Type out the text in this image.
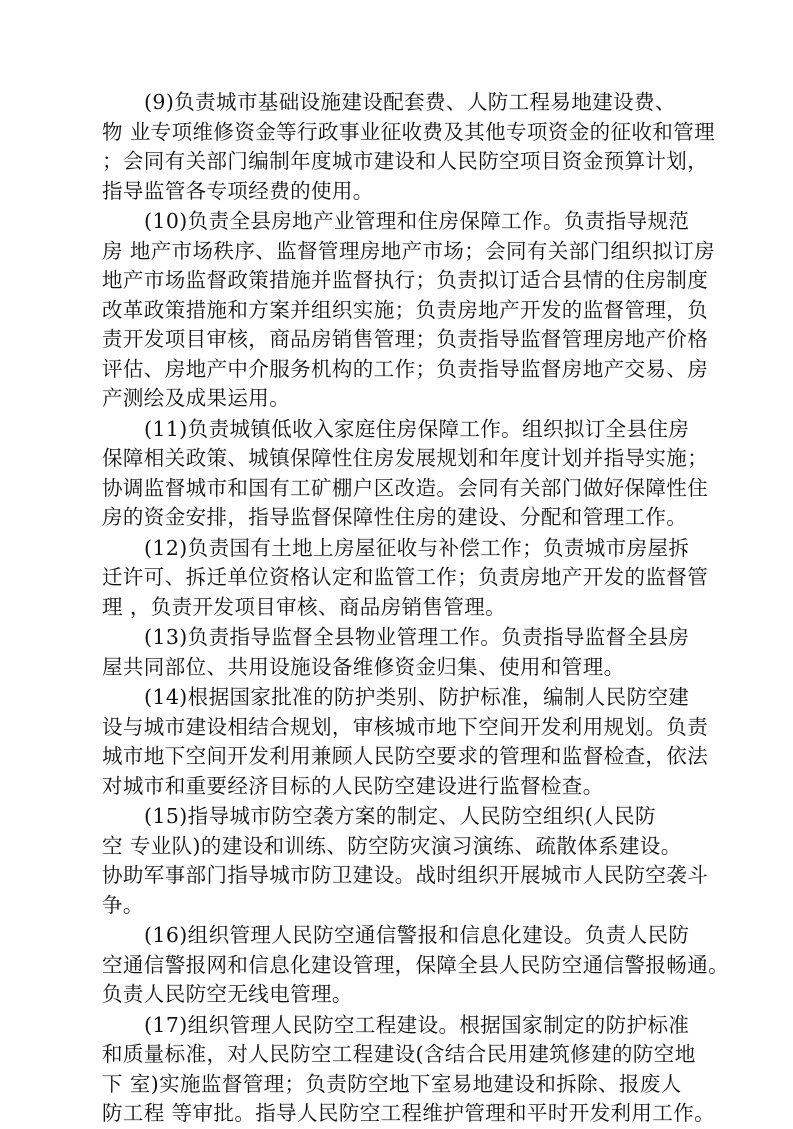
(9)负责城市基础设施建设配套费、人防工程易地建设费、
物 业专项维修资金等行政事业征收费及其他专项资金的征收和管理
；会同有关部门编制年度城市建设和人民防空项目资金预算计划，
指导监管各专项经费的使用。

(10)负责全县房地产业管理和住房保障工作。负责指导规范
房 地产市场秩序、监督管理房地产市场；会同有关部门组织拟订房
地产市场监督政策措施并监督执行；负责拟订适合县情的住房制度
改革政策措施和方案并组织实施；负责房地产开发的监督管理，负
责开发项目审核，商品房销售管理；负责指导监督管理房地产价格
评估、房地产中介服务机构的工作；负责指导监督房地产交易、房
产测绘及成果运用。

(11)负责城镇低收入家庭住房保障工作。组织拟订全县住房
保障相关政策、城镇保障性住房发展规划和年度计划并指导实施；
协调监督城市和国有工矿棚户区改造。会同有关部门做好保障性住
房的资金安排，指导监督保障性住房的建设、分配和管理工作。

(12)负责国有土地上房屋征收与补偿工作；负责城市房屋拆
迁许可、拆迁单位资格认定和监管工作；负责房地产开发的监督管
理 ，负责开发项目审核、商品房销售管理。

(13)负责指导监督全县物业管理工作。负责指导监督全县房
屋共同部位、共用设施设备维修资金归集、使用和管理。

(14)根据国家批准的防护类别、防护标准，编制人民防空建
设与城市建设相结合规划，审核城市地下空间开发利用规划。负责
城市地下空间开发利用兼顾人民防空要求的管理和监督检查，依法
对城市和重要经济目标的人民防空建设进行监督检查。

(15)指导城市防空袭方案的制定、人民防空组织(人民防
空 专业队)的建设和训练、防空防灾演习演练、疏散体系建设。
协助军事部门指导城市防卫建设。战时组织开展城市人民防空袭斗
争。

(16)组织管理人民防空通信警报和信息化建设。负责人民防
空通信警报网和信息化建设管理，保障全县人民防空通信警报畅通。
负责人民防空无线电管理。

(17)组织管理人民防空工程建设。根据国家制定的防护标准
和质量标准，对人民防空工程建设(含结合民用建筑修建的防空地
下 室)实施监督管理；负责防空地下室易地建设和拆除、报废人
防工程 等审批。指导人民防空工程维护管理和平时开发利用工作。
